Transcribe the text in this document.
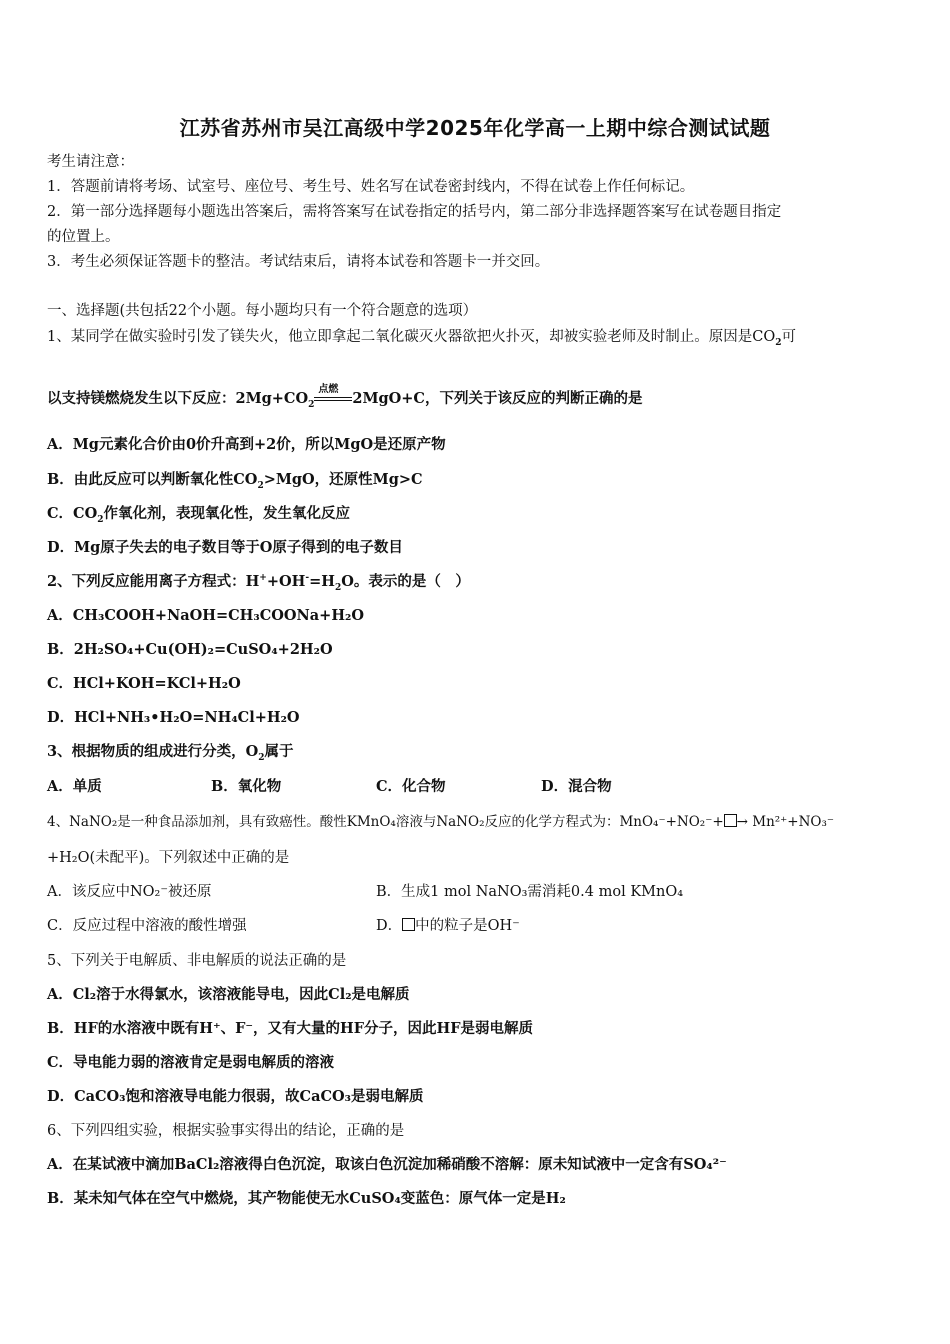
江苏省苏州市吴江高级中学2025年化学高一上期中综合测试试题
考生请注意：
1．答题前请将考场、试室号、座位号、考生号、姓名写在试卷密封线内，不得在试卷上作任何标记。
2．第一部分选择题每小题选出答案后，需将答案写在试卷指定的括号内，第二部分非选择题答案写在试卷题目指定
的位置上。
3．考生必须保证答题卡的整洁。考试结束后，请将本试卷和答题卡一并交回。
一、选择题(共包括22个小题。每小题均只有一个符合题意的选项）
1、某同学在做实验时引发了镁失火，他立即拿起二氧化碳灭火器欲把火扑灭，却被实验老师及时制止。原因是$CO_2$可
以支持镁燃烧发生以下反应：$2Mg+CO_2$
点燃
2MgO+C，下列关于该反应的判断正确的是
A．Mg元素化合价由0价升高到+2价，所以MgO是还原产物
B．由此反应可以判断氧化性$CO_2>MgO$，还原性Mg>C
C．$CO_2$作氧化剂，表现氧化性，发生氧化反应
D．Mg原子失去的电子数目等于O原子得到的电子数目
2、下列反应能用离子方程式：$H^++OH^-=H_2O$。表示的是（　）
A．CH₃COOH+NaOH=CH₃COONa+H₂O
B．2H₂SO₄+Cu(OH)₂=CuSO₄+2H₂O
C．HCl+KOH=KCl+H₂O
D．HCl+NH₃•H₂O=NH₄Cl+H₂O
3、根据物质的组成进行分类，$O_2$属于
A．单质	B．氧化物	C．化合物	D．混合物
4、NaNO₂是一种食品添加剂，具有致癌性。酸性KMnO₄溶液与NaNO₂反应的化学方程式为：MnO₄⁻+NO₂⁻+ → Mn²⁺+NO₃⁻
+H₂O(未配平)。下列叙述中正确的是
A．该反应中NO₂⁻被还原	B．生成1 mol NaNO₃需消耗0.4 mol KMnO₄
C．反应过程中溶液的酸性增强	D． 中的粒子是OH⁻
5、下列关于电解质、非电解质的说法正确的是
A．Cl₂溶于水得氯水，该溶液能导电，因此Cl₂是电解质
B．HF的水溶液中既有H⁺、F⁻，又有大量的HF分子，因此HF是弱电解质
C．导电能力弱的溶液肯定是弱电解质的溶液
D．CaCO₃饱和溶液导电能力很弱，故CaCO₃是弱电解质
6、下列四组实验，根据实验事实得出的结论，正确的是
A．在某试液中滴加BaCl₂溶液得白色沉淀，取该白色沉淀加稀硝酸不溶解：原未知试液中一定含有SO₄²⁻
B．某未知气体在空气中燃烧，其产物能使无水CuSO₄变蓝色：原气体一定是H₂
